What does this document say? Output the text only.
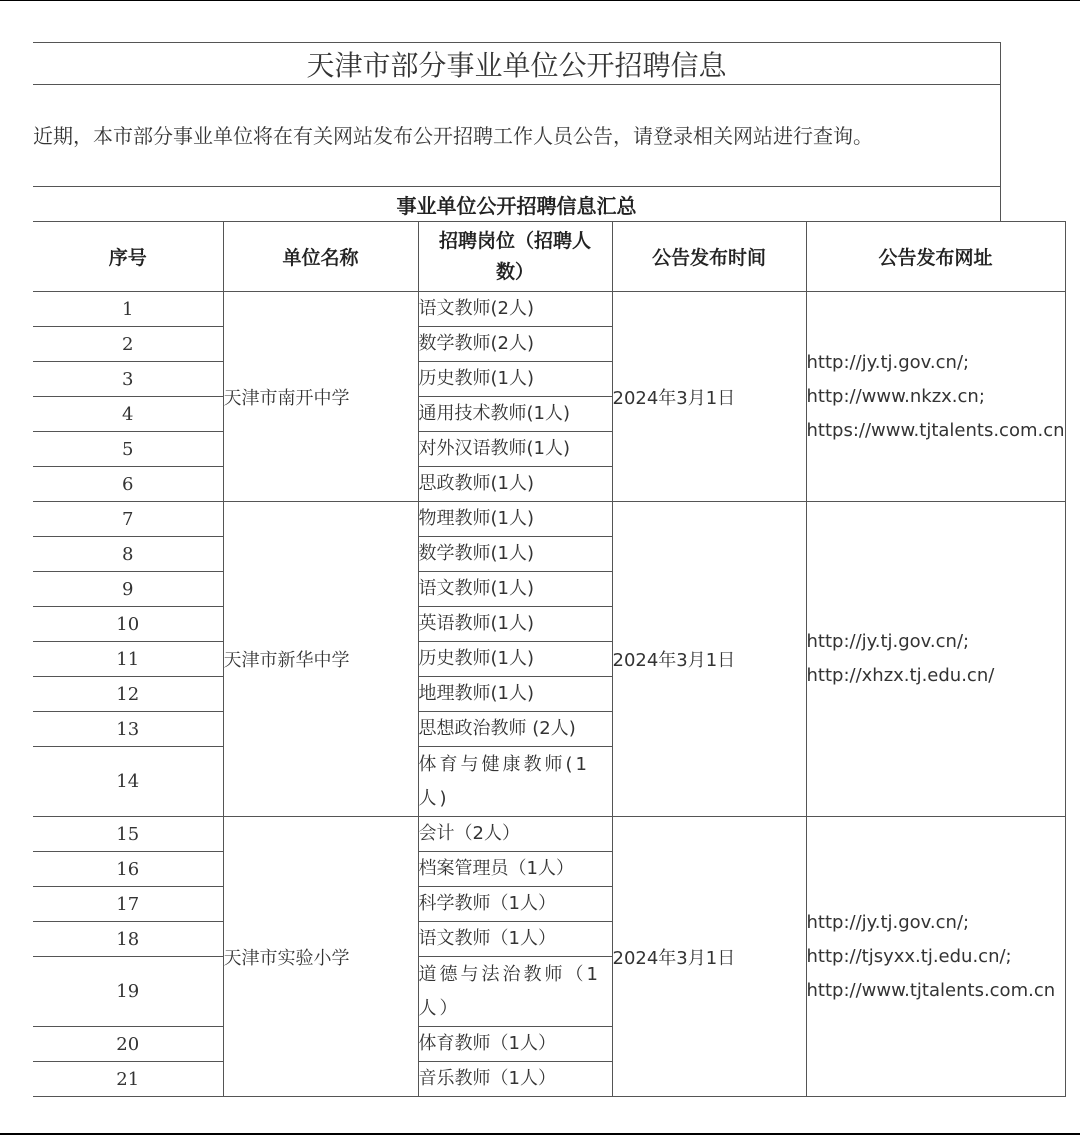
天津市部分事业单位公开招聘信息
近期，本市部分事业单位将在有关网站发布公开招聘工作人员公告，请登录相关网站进行查询。
事业单位公开招聘信息汇总
序号	单位名称	招聘岗位（招聘人数）	公告发布时间	公告发布网址
1	天津市南开中学	语文教师(2人)	2024年3月1日	http://jy.tj.gov.cn/;
http://www.nkzx.cn;
https://www.tjtalents.com.cn

2		数学教师(2人)		
3		历史教师(1人)		
4		通用技术教师(1人)		
5		对外汉语教师(1人)		
6		思政教师(1人)		
7	天津市新华中学	物理教师(1人)	2024年3月1日	http://jy.tj.gov.cn/;
http://xhzx.tj.edu.cn/

8		数学教师(1人)		
9		语文教师(1人)		
10		英语教师(1人)		
11		历史教师(1人)		
12		地理教师(1人)		
13		思想政治教师 (2人)		
14		体育与健康教师(1人)		
15	天津市实验小学	会计（2人）	2024年3月1日	http://jy.tj.gov.cn/;
http://tjsyxx.tj.edu.cn/;
http://www.tjtalents.com.cn

16		档案管理员（1人）		
17		科学教师（1人）		
18		语文教师（1人）		
19		道德与法治教师（1人）		
20		体育教师（1人）		
21		音乐教师（1人）		
